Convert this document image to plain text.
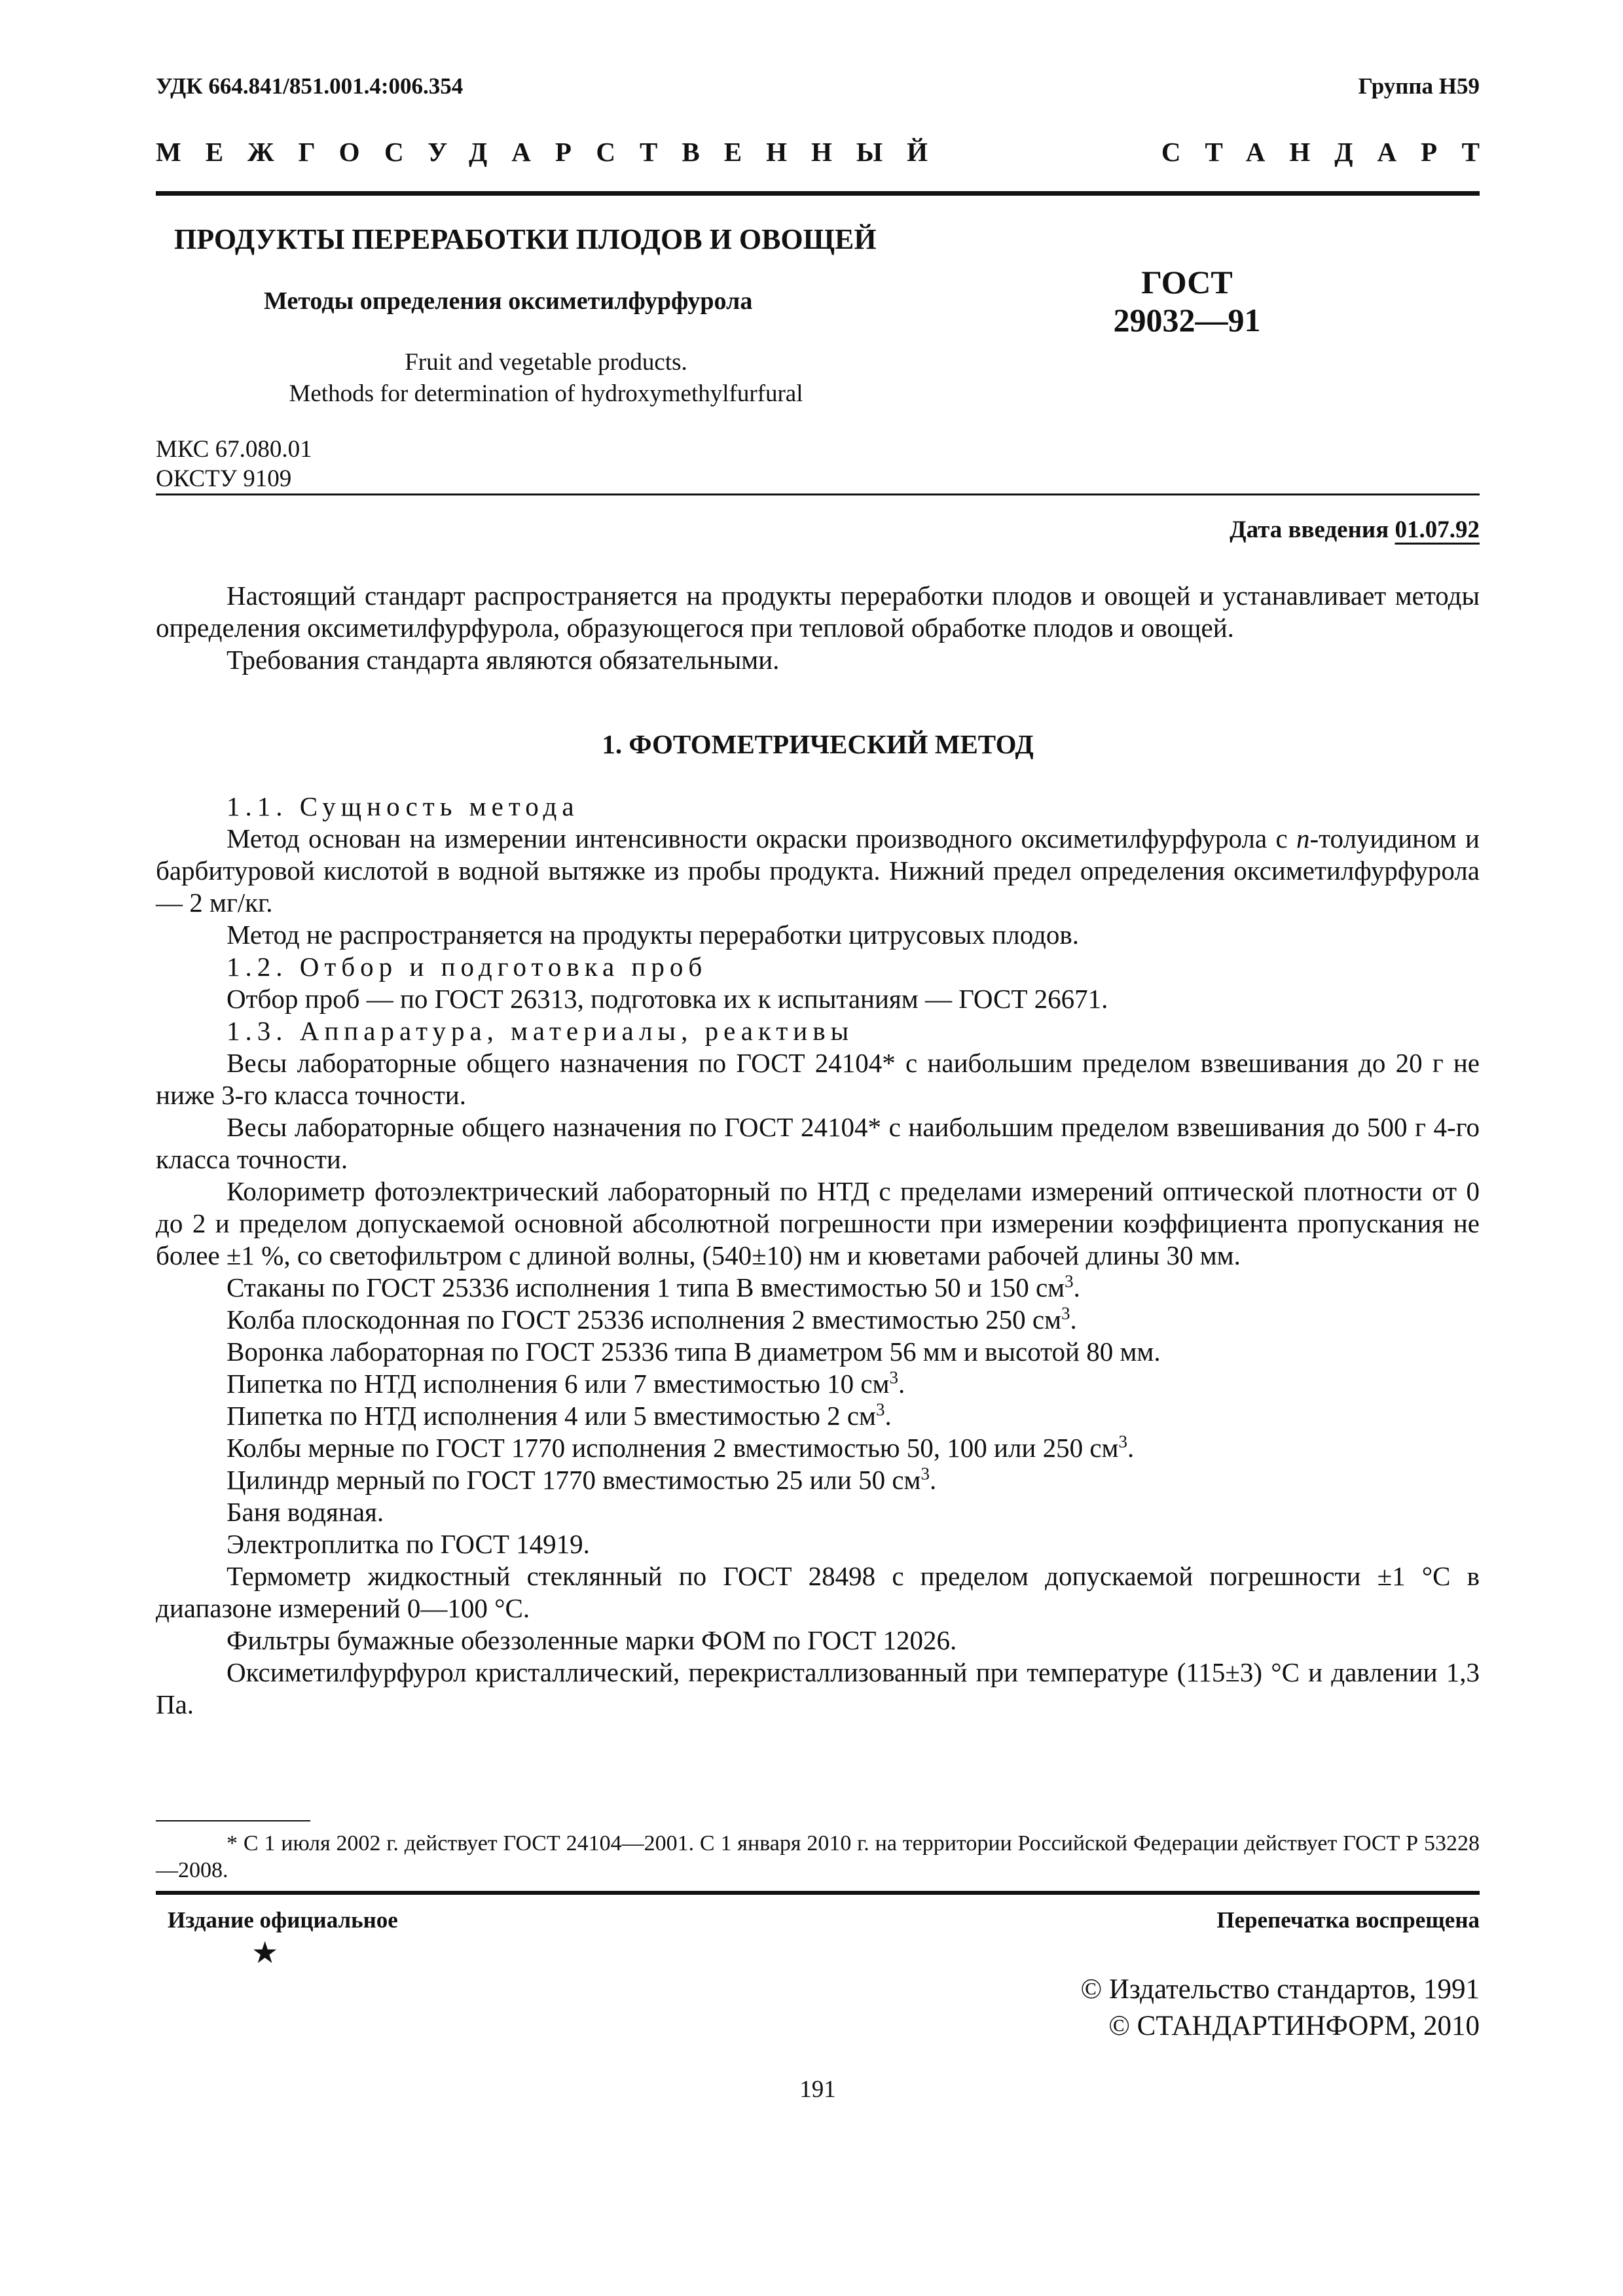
УДК 664.841/851.001.4:006.354	Группа Н59
МЕЖГОСУДАРСТВЕННЫЙ	СТАНДАРТ
ПРОДУКТЫ ПЕРЕРАБОТКИ ПЛОДОВ И ОВОЩЕЙ
Методы определения оксиметилфурфурола
Fruit and vegetable products.
Methods for determination of hydroxymethylfurfural
ГОСТ
29032—91
МКС 67.080.01
ОКСТУ 9109
Дата введения 01.07.92

Настоящий стандарт распространяется на продукты переработки плодов и овощей и устанавливает методы определения оксиметилфурфурола, образующегося при тепловой обработке плодов и овощей.

Требования стандарта являются обязательными.

1. ФОТОМЕТРИЧЕСКИЙ МЕТОД

1.1. Сущность метода

Метод основан на измерении интенсивности окраски производного оксиметилфурфурола с n-толуидином и барбитуровой кислотой в водной вытяжке из пробы продукта. Нижний предел определения оксиметилфурфурола — 2 мг/кг.

Метод не распространяется на продукты переработки цитрусовых плодов.

1.2. Отбор и подготовка проб

Отбор проб — по ГОСТ 26313, подготовка их к испытаниям — ГОСТ 26671.

1.3. Аппаратура, материалы, реактивы

Весы лабораторные общего назначения по ГОСТ 24104* с наибольшим пределом взвешивания до 20 г не ниже 3-го класса точности.

Весы лабораторные общего назначения по ГОСТ 24104* с наибольшим пределом взвешивания до 500 г 4-го класса точности.

Колориметр фотоэлектрический лабораторный по НТД с пределами измерений оптической плотности от 0 до 2 и пределом допускаемой основной абсолютной погрешности при измерении коэффициента пропускания не более ±1 %, со светофильтром с длиной волны, (540±10) нм и кюветами рабочей длины 30 мм.

Стаканы по ГОСТ 25336 исполнения 1 типа В вместимостью 50 и 150 $см^3$.

Колба плоскодонная по ГОСТ 25336 исполнения 2 вместимостью 250 $см^3$.

Воронка лабораторная по ГОСТ 25336 типа В диаметром 56 мм и высотой 80 мм.

Пипетка по НТД исполнения 6 или 7 вместимостью 10 $см^3$.

Пипетка по НТД исполнения 4 или 5 вместимостью 2 $см^3$.

Колбы мерные по ГОСТ 1770 исполнения 2 вместимостью 50, 100 или 250 $см^3$.

Цилиндр мерный по ГОСТ 1770 вместимостью 25 или 50 $см^3$.

Баня водяная.

Электроплитка по ГОСТ 14919.

Термометр жидкостный стеклянный по ГОСТ 28498 с пределом допускаемой погрешности ±1 °С в диапазоне измерений 0—100 °С.

Фильтры бумажные обеззоленные марки ФОМ по ГОСТ 12026.

Оксиметилфурфурол кристаллический, перекристаллизованный при температуре (115±3) °С и давлении 1,3 Па.

* С 1 июля 2002 г. действует ГОСТ 24104—2001. С 1 января 2010 г. на территории Российской Федерации действует ГОСТ Р 53228—2008.
Издание официальное	Перепечатка воспрещена
★
© Издательство стандартов, 1991
© СТАНДАРТИНФОРМ, 2010
191
